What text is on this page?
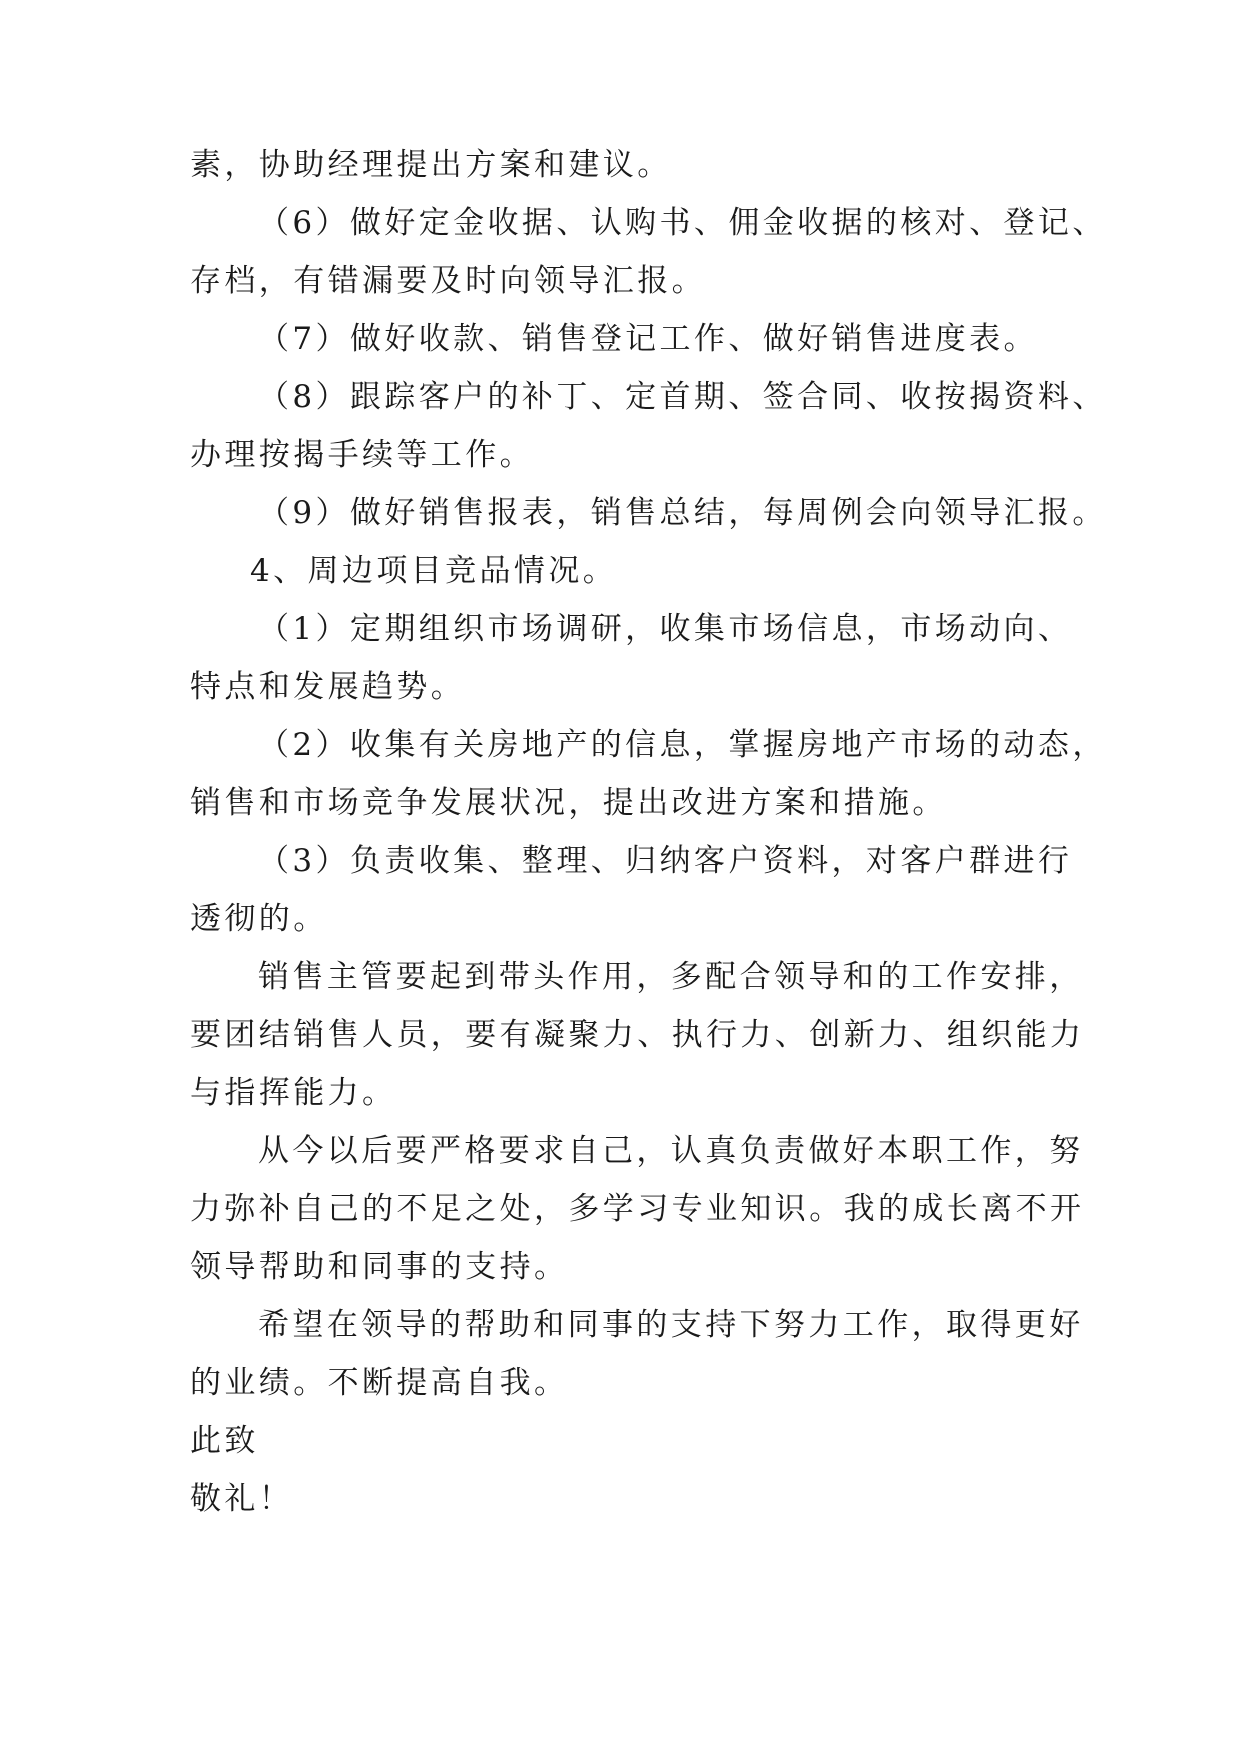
素，协助经理提出方案和建议。
（6）做好定金收据、认购书、佣金收据的核对、登记、
存档，有错漏要及时向领导汇报。
（7）做好收款、销售登记工作、做好销售进度表。
（8）跟踪客户的补丁、定首期、签合同、收按揭资料、
办理按揭手续等工作。
（9）做好销售报表，销售总结，每周例会向领导汇报。
4、周边项目竞品情况。
（1）定期组织市场调研，收集市场信息，市场动向、
特点和发展趋势。
（2）收集有关房地产的信息，掌握房地产市场的动态，
销售和市场竞争发展状况，提出改进方案和措施。
（3）负责收集、整理、归纳客户资料，对客户群进行
透彻的。
销售主管要起到带头作用，多配合领导和的工作安排，
要团结销售人员，要有凝聚力、执行力、创新力、组织能力
与指挥能力。
从今以后要严格要求自己，认真负责做好本职工作，努
力弥补自己的不足之处，多学习专业知识。我的成长离不开
领导帮助和同事的支持。
希望在领导的帮助和同事的支持下努力工作，取得更好
的业绩。不断提高自我。
此致
敬礼！
